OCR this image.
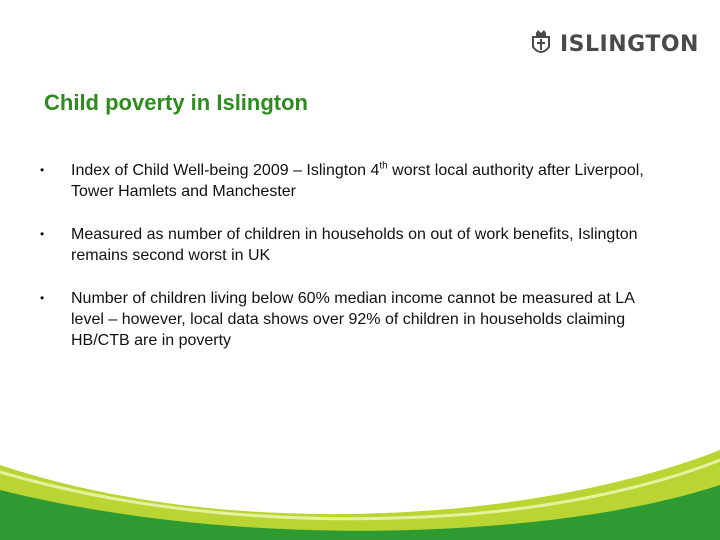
ISLINGTON
Child poverty in Islington
• Index of Child Well-being 2009 – Islington 4th worst local authority after Liverpool, Tower Hamlets and Manchester
• Measured as number of children in households on out of work benefits, Islington remains second worst in UK
• Number of children living below 60% median income cannot be measured at LA level – however, local data shows over 92% of children in households claiming HB/CTB are in poverty
